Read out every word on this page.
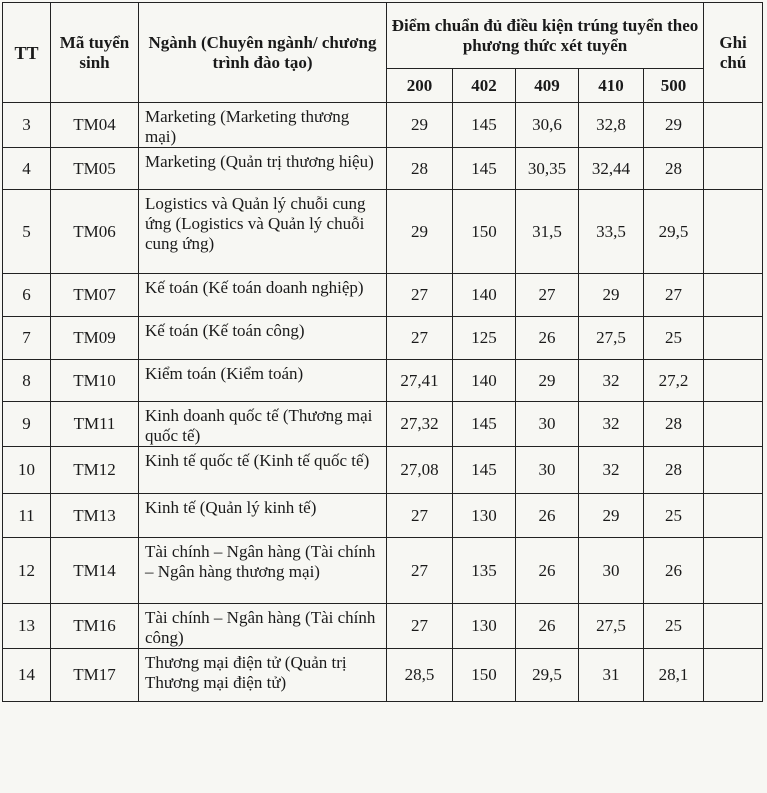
TT	Mã tuyển sinh	Ngành (Chuyên ngành/ chương trình đào tạo)	Điểm chuẩn đủ điều kiện trúng tuyển theo phương thức xét tuyển					Ghi chú
			200	402	409	410	500	
3	TM04	Marketing (Marketing thương mại)	29	145	30,6	32,8	29	
4	TM05	Marketing (Quản trị thương hiệu)	28	145	30,35	32,44	28	
5	TM06	Logistics và Quản lý chuỗi cung ứng (Logistics và Quản lý chuỗi cung ứng)	29	150	31,5	33,5	29,5	
6	TM07	Kế toán (Kế toán doanh nghiệp)	27	140	27	29	27	
7	TM09	Kế toán (Kế toán công)	27	125	26	27,5	25	
8	TM10	Kiểm toán (Kiểm toán)	27,41	140	29	32	27,2	
9	TM11	Kinh doanh quốc tế (Thương mại quốc tế)	27,32	145	30	32	28	
10	TM12	Kinh tế quốc tế (Kinh tế quốc tế)	27,08	145	30	32	28	
11	TM13	Kinh tế (Quản lý kinh tế)	27	130	26	29	25	
12	TM14	Tài chính – Ngân hàng (Tài chính – Ngân hàng thương mại)	27	135	26	30	26	
13	TM16	Tài chính – Ngân hàng (Tài chính công)	27	130	26	27,5	25	
14	TM17	Thương mại điện tử (Quản trị Thương mại điện tử)	28,5	150	29,5	31	28,1	
